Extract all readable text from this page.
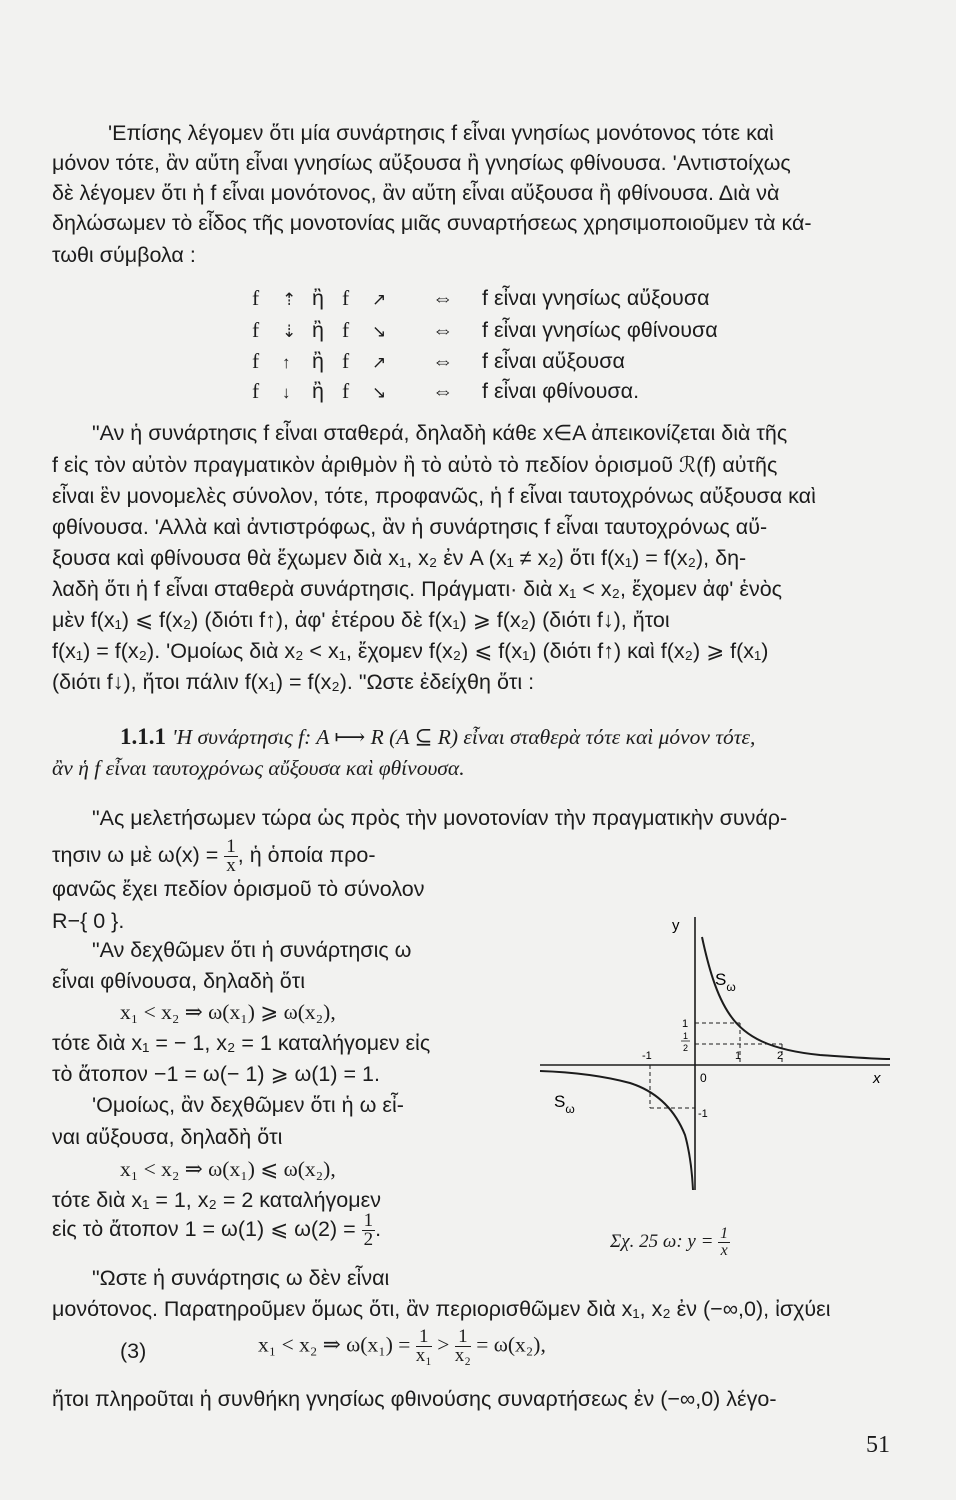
'Επίσης λέγομεν ὅτι μία συνάρτησις f εἶναι γνησίως μονότονος τότε καὶ

μόνον τότε, ἂν αὔτη εἶναι γνησίως αὔξουσα ἢ γνησίως φθίνουσα. 'Αντιστοίχως

δὲ λέγομεν ὅτι ἡ f εἶναι μονότονος, ἂν αὔτη εἶναι αὔξουσα ἢ φθίνουσα. Διὰ νὰ

δηλώσωμεν τὸ εἶδος τῆς μονοτονίας μιᾶς συναρτήσεως χρησιμοποιοῦμεν τὰ κά-

τωθι σύμβολα :

f ⇡ ἢ f ↗ ⇔ f εἶναι γνησίως αὔξουσα
f ⇣ ἢ f ↘ ⇔ f εἶναι γνησίως φθίνουσα
f ↑ ἢ f ↗ ⇔ f εἶναι αὔξουσα
f ↓ ἢ f ↘ ⇔ f εἶναι φθίνουσα.

"Αν ἡ συνάρτησις f εἶναι σταθερά, δηλαδὴ κάθε x∈A ἀπεικονίζεται διὰ τῆς

f εἰς τὸν αὐτὸν πραγματικὸν ἀριθμὸν ἢ τὸ αὐτὸ τὸ πεδίον ὁρισμοῦ ℛ(f) αὐτῆς

εἶναι ἓν μονομελὲς σύνολον, τότε, προφανῶς, ἡ f εἶναι ταυτοχρόνως αὔξουσα καὶ

φθίνουσα. 'Αλλὰ καὶ ἀντιστρόφως, ἂν ἡ συνάρτησις f εἶναι ταυτοχρόνως αὔ-

ξουσα καὶ φθίνουσα θὰ ἔχωμεν διὰ x₁, x₂ ἐν A (x₁ ≠ x₂) ὅτι f(x₁) = f(x₂), δη-

λαδὴ ὅτι ἡ f εἶναι σταθερὰ συνάρτησις. Πράγματι· διὰ x₁ < x₂, ἔχομεν ἀφ' ἑνὸς

μὲν f(x₁) ⩽ f(x₂) (διότι f↑), ἀφ' ἑτέρου δὲ f(x₁) ⩾ f(x₂) (διότι f↓), ἤτοι

f(x₁) = f(x₂). 'Ομοίως διὰ x₂ < x₁, ἔχομεν f(x₂) ⩽ f(x₁) (διότι f↑) καὶ f(x₂) ⩾ f(x₁)

(διότι f↓), ἤτοι πάλιν f(x₁) = f(x₂). "Ωστε ἐδείχθη ὅτι :

1.1.1 'Η συνάρτησις f: A ⟼ R (A ⊆ R) εἶναι σταθερὰ τότε καὶ μόνον τότε,

ἂν ἡ f εἶναι ταυτοχρόνως αὔξουσα καὶ φθίνουσα.

"Ας μελετήσωμεν τώρα ὡς πρὸς τὴν μονοτονίαν τὴν πραγματικὴν συνάρ-

τησιν ω μὲ $\omega(x) = \frac{1}{x}$ , ἡ ὁποία προ-

φανῶς ἔχει πεδίον ὁρισμοῦ τὸ σύνολον

R−{ 0 }.

"Αν δεχθῶμεν ὅτι ἡ συνάρτησις ω

εἶναι φθίνουσα, δηλαδὴ ὅτι

x₁ < x₂ ⇒ ω(x₁) ⩾ ω(x₂),

τότε διὰ x₁ = − 1, x₂ = 1 καταλήγομεν εἰς

τὸ ἄτοπον −1 = ω(− 1) ⩾ ω(1) = 1.

'Ομοίως, ἂν δεχθῶμεν ὅτι ἡ ω εἶ-

ναι αὔξουσα, δηλαδὴ ὅτι

x₁ < x₂ ⇒ ω(x₁) ⩽ ω(x₂),

τότε διὰ x₁ = 1, x₂ = 2 καταλήγομεν

εἰς τὸ ἄτοπον 1 = ω(1) ⩽ $\omega(2) = \frac{1}{2}$ .

"Ωστε ἡ συνάρτησις ω δὲν εἶναι

μονότονος. Παρατηροῦμεν ὅμως ὅτι, ἂν περιορισθῶμεν διὰ x₁, x₂ ἐν (−∞,0), ἰσχύει

(3)	x₁ < x₂ ⇒ $\omega(x_1) = \frac{1}{\text{x₁}} > \frac{1}{\text{x₂}} = \omega(x_2)$,

ἤτοι πληροῦται ἡ συνθήκη γνησίως φθινούσης συναρτήσεως ἐν (−∞,0) λέγο-

51
y
x
0
1	2
-1
1
1
2
-1
$S_\omega$
$S_\omega$
Σχ. 25 ω: $y = \frac{1}{x}$
